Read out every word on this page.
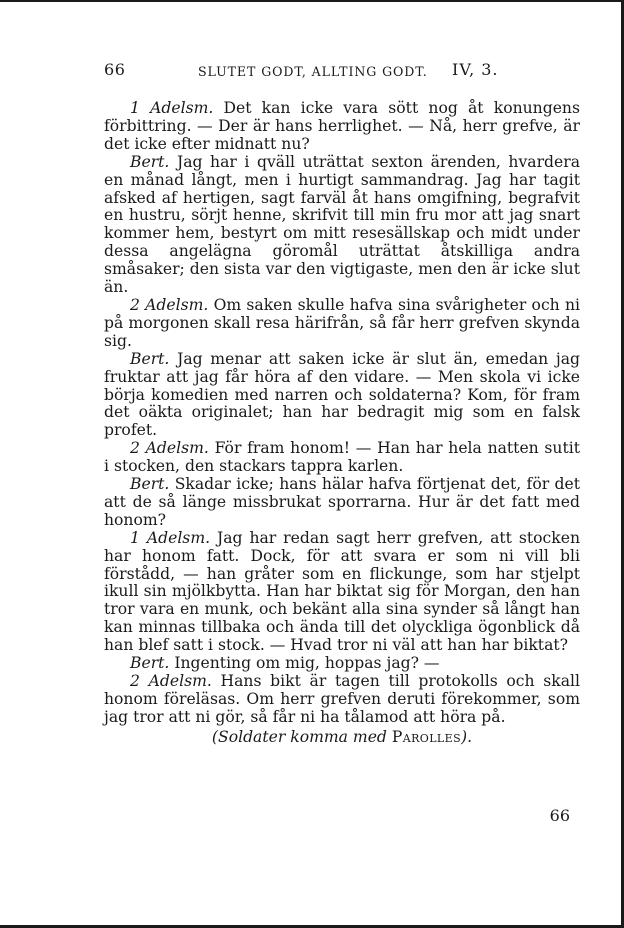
66	SLUTET GODT, ALLTING GODT. IV, 3.

1 Adelsm. Det kan icke vara sött nog åt konungens förbittring. — Der är hans herrlighet. — Nå, herr grefve, är det icke efter midnatt nu?

Bert. Jag har i qväll uträttat sexton ärenden, hvardera en månad långt, men i hurtigt sammandrag. Jag har tagit afsked af hertigen, sagt farväl åt hans omgifning, begrafvit en hustru, sörjt henne, skrifvit till min fru mor att jag snart kommer hem, bestyrt om mitt resesällskap och midt under dessa angelägna göromål uträttat åtskilliga andra småsaker; den sista var den vigtigaste, men den är icke slut än.

2 Adelsm. Om saken skulle hafva sina svårigheter och ni på morgonen skall resa härifrån, så får herr grefven skynda sig.

Bert. Jag menar att saken icke är slut än, emedan jag fruktar att jag får höra af den vidare. — Men skola vi icke börja komedien med narren och soldaterna? Kom, för fram det oäkta originalet; han har bedragit mig som en falsk profet.

2 Adelsm. För fram honom! — Han har hela natten sutit i stocken, den stackars tappra karlen.

Bert. Skadar icke; hans hälar hafva förtjenat det, för det att de så länge missbrukat sporrarna. Hur är det fatt med honom?

1 Adelsm. Jag har redan sagt herr grefven, att stocken har honom fatt. Dock, för att svara er som ni vill bli förstådd, — han gråter som en flickunge, som har stjelpt ikull sin mjölkbytta. Han har biktat sig för Morgan, den han tror vara en munk, och bekänt alla sina synder så långt han kan minnas tillbaka och ända till det olyckliga ögonblick då han blef satt i stock. — Hvad tror ni väl att han har biktat?

Bert. Ingenting om mig, hoppas jag? —

2 Adelsm. Hans bikt är tagen till protokolls och skall honom föreläsas. Om herr grefven deruti förekommer, som jag tror att ni gör, så får ni ha tålamod att höra på.

(Soldater komma med Parolles).

66
